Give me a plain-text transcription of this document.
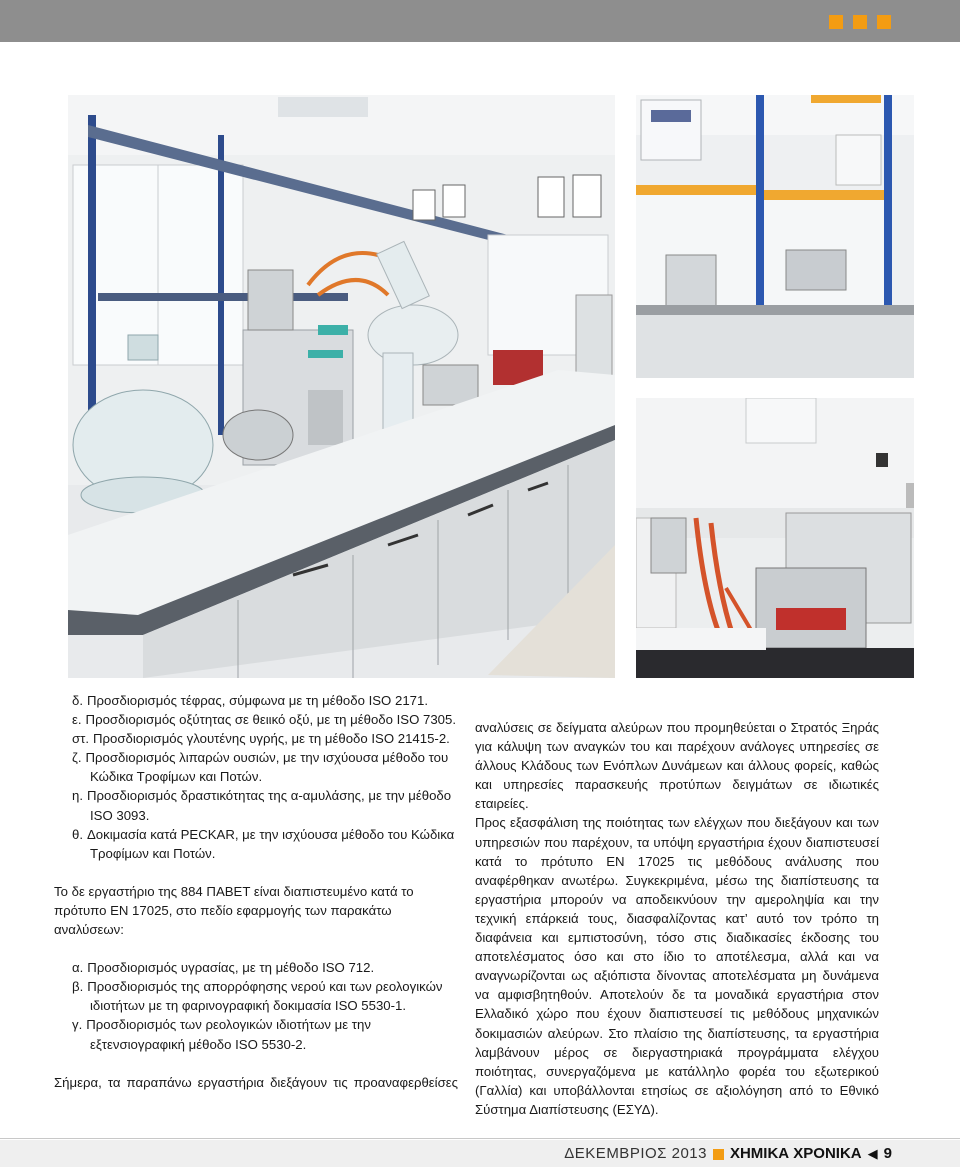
δ. Προσδιορισμός τέφρας, σύμφωνα με τη μέθοδο ISO 2171.

ε. Προσδιορισμός οξύτητας σε θειικό οξύ, με τη μέθοδο ISO 7305.

στ. Προσδιορισμός γλουτένης υγρής, με τη μέθοδο ISO 21415-2.

ζ. Προσδιορισμός λιπαρών ουσιών, με την ισχύουσα μέθοδο του Κώδικα Τροφίμων και Ποτών.

η. Προσδιορισμός δραστικότητας της α-αμυλάσης, με την μέθοδο ISO 3093.

θ. Δοκιμασία κατά PECKAR, με την ισχύουσα μέθοδο του Κώδικα Τροφίμων και Ποτών.

Το δε εργαστήριο της 884 ΠΑΒΕΤ είναι διαπιστευμένο κατά το πρότυπο ΕΝ 17025, στο πεδίο εφαρμογής των παρακάτω αναλύσεων:

α. Προσδιορισμός υγρασίας, με τη μέθοδο ISO 712.

β. Προσδιορισμός της απορρόφησης νερού και των ρεολογικών ιδιοτήτων με τη φαρινογραφική δοκιμασία ISO 5530-1.

γ. Προσδιορισμός των ρεολογικών ιδιοτήτων με την εξτενσιογραφική μέθοδο ISO 5530-2.

Σήμερα, τα παραπάνω εργαστήρια διεξάγουν τις προαναφερθείσες

αναλύσεις σε δείγματα αλεύρων που προμηθεύεται ο Στρατός Ξηράς για κάλυψη των αναγκών του και παρέχουν ανάλογες υπηρεσίες σε άλλους Κλάδους των Ενόπλων Δυνάμεων και άλλους φορείς, καθώς και υπηρεσίες παρασκευής προτύπων δειγμάτων σε ιδιωτικές εταιρείες.

Προς εξασφάλιση της ποιότητας των ελέγχων που διεξάγουν και των υπηρεσιών που παρέχουν, τα υπόψη εργαστήρια έχουν διαπιστευσεί κατά το πρότυπο ΕΝ 17025 τις μεθόδους ανάλυσης που αναφέρθηκαν ανωτέρω. Συγκεκριμένα, μέσω της διαπίστευσης τα εργαστήρια μπορούν να αποδεικνύουν την αμεροληψία και την τεχνική επάρκειά τους, διασφαλίζοντας κατ’ αυτό τον τρόπο τη διαφάνεια και εμπιστοσύνη, τόσο στις διαδικασίες έκδοσης του αποτελέσματος όσο και στο ίδιο το αποτέλεσμα, αλλά και να αναγνωρίζονται ως αξιόπιστα δίνοντας αποτελέσματα μη δυνάμενα να αμφισβητηθούν. Αποτελούν δε τα μοναδικά εργαστήρια στον Ελλαδικό χώρο που έχουν διαπιστευσεί τις μεθόδους μηχανικών δοκιμασιών αλεύρων. Στο πλαίσιο της διαπίστευσης, τα εργαστήρια λαμβάνουν μέρος σε διεργαστηριακά προγράμματα ελέγχου ποιότητας, συνεργαζόμενα με κατάλληλο φορέα του εξωτερικού (Γαλλία) και υποβάλλονται ετησίως σε αξιολόγηση από το Εθνικό Σύστημα Διαπίστευσης (ΕΣΥΔ).

ΔΕΚΕΜΒΡΙΟΣ 2013 ΧΗΜΙΚΑ ΧΡΟΝΙΚΑ ◀ 9
